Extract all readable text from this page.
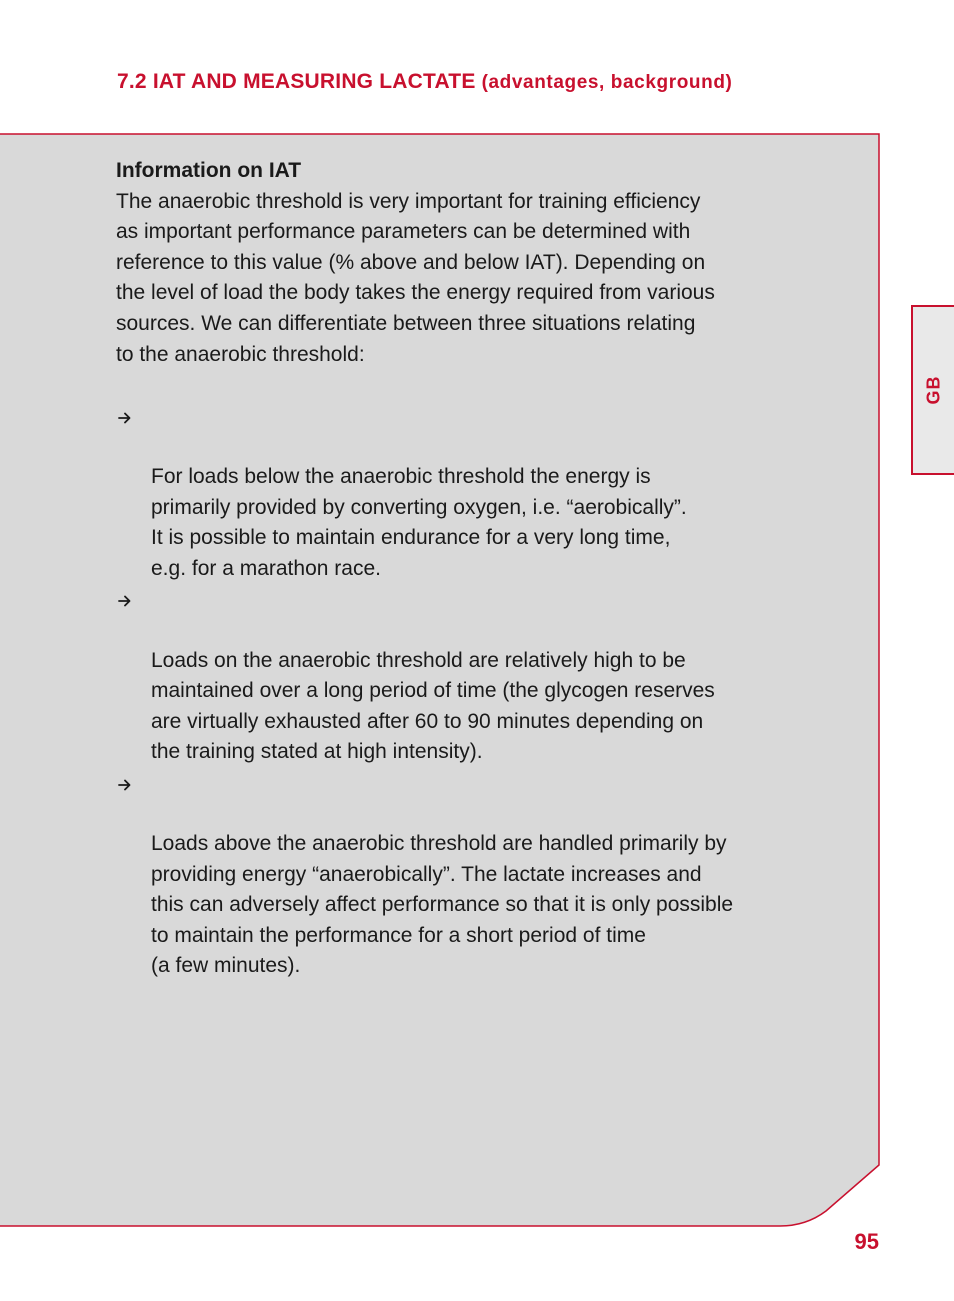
7.2 IAT AND MEASURING LACTATE (advantages, background)
Information on IAT
The anaerobic threshold is very important for training efficiency
as important performance parameters can be determined with
reference to this value (% above and below IAT). Depending on
the level of load the body takes the energy required from various
sources. We can differentiate between three situations relating
to the anaerobic threshold:

For loads below the anaerobic threshold the energy is
primarily provided by converting oxygen, i.e. “aerobically”.
It is possible to maintain endurance for a very long time,
e.g. for a marathon race.

Loads on the anaerobic threshold are relatively high to be
maintained over a long period of time (the glycogen reserves
are virtually exhausted after 60 to 90 minutes depending on
the training stated at high intensity).

Loads above the anaerobic threshold are handled primarily by
providing energy “anaerobically”. The lactate increases and
this can adversely affect performance so that it is only possible
to maintain the performance for a short period of time
(a few minutes).

GB
95
